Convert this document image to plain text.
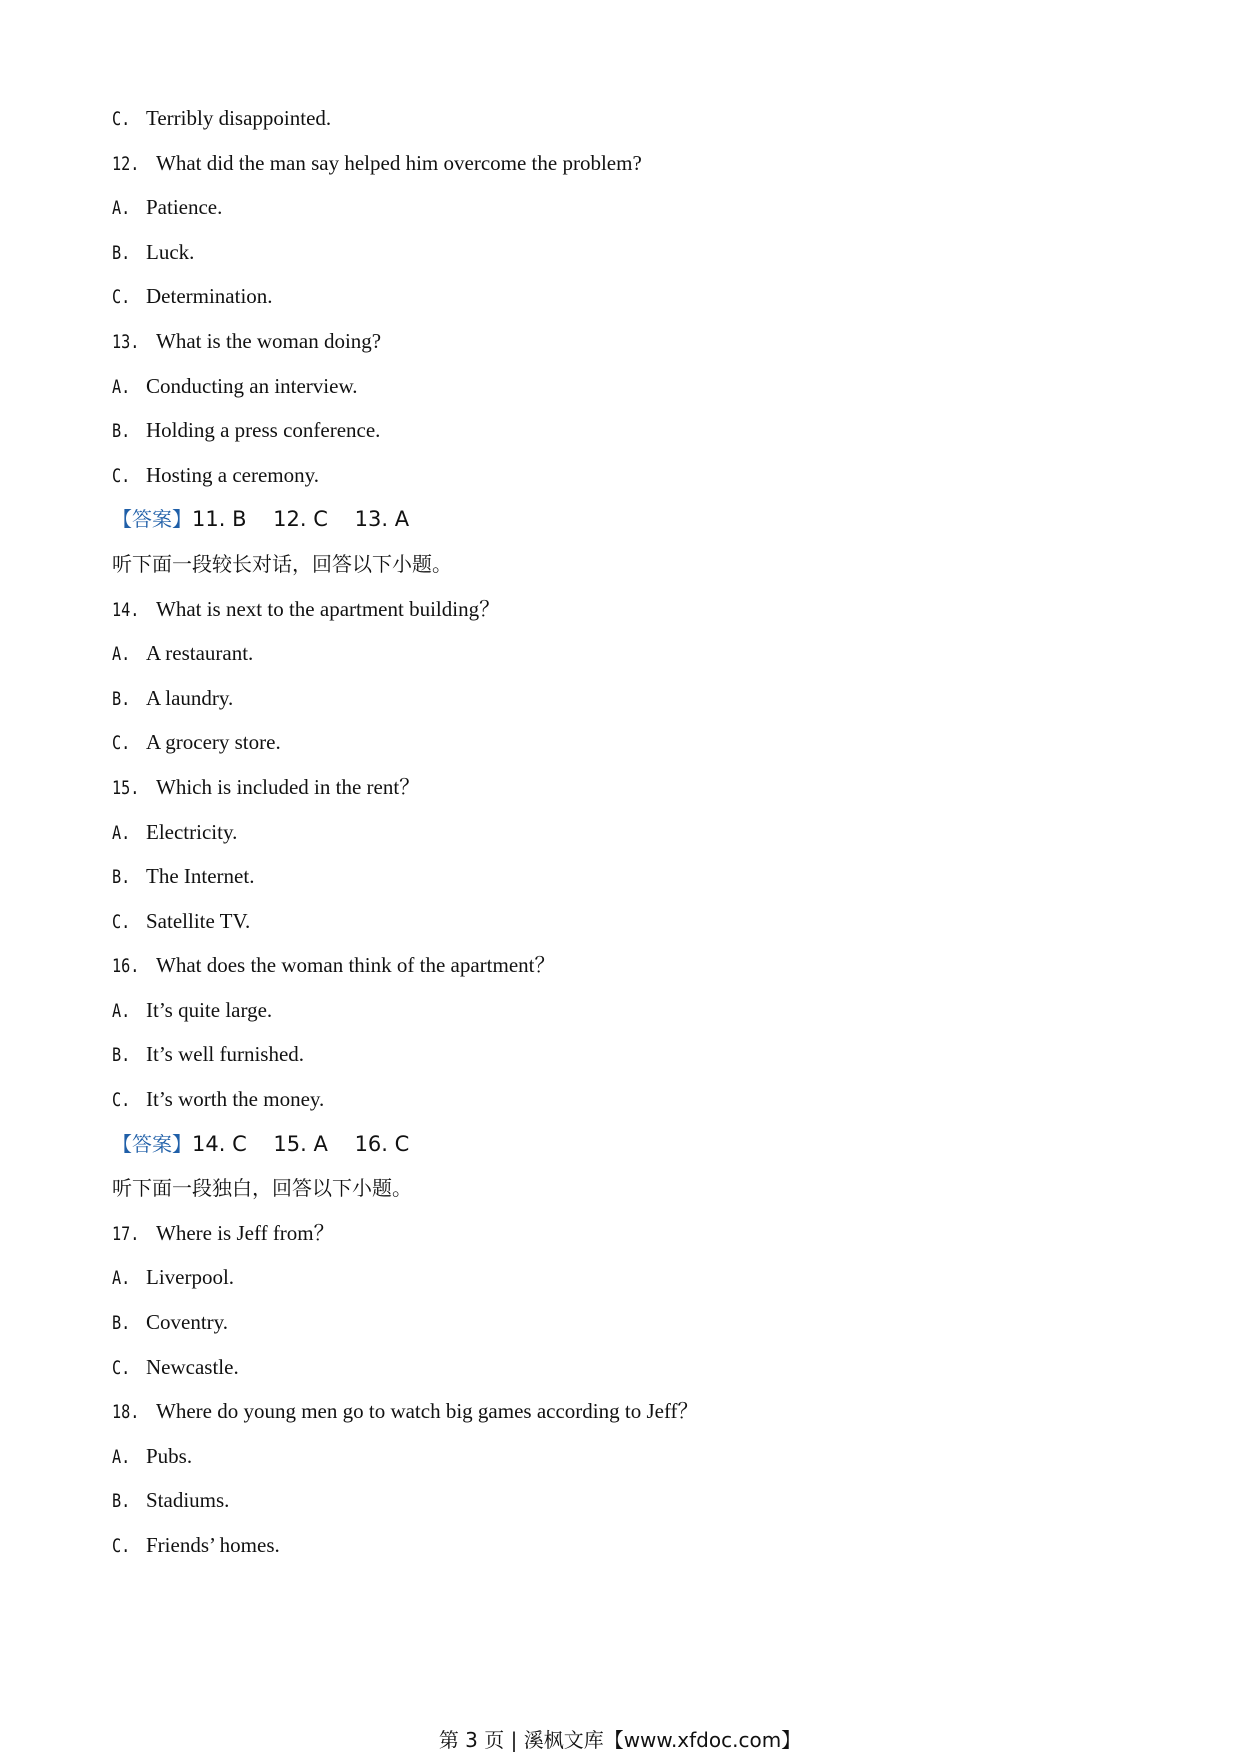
C. Terribly disappointed.
12. What did the man say helped him overcome the problem?
A. Patience.
B. Luck.
C. Determination.
13. What is the woman doing?
A. Conducting an interview.
B. Holding a press conference.
C. Hosting a ceremony.
【答案】11. B    12. C    13. A
听下面一段较长对话，回答以下小题。
14. What is next to the apartment building？
A. A restaurant.
B. A laundry.
C. A grocery store.
15. Which is included in the rent？
A. Electricity.
B. The Internet.
C. Satellite TV.
16. What does the woman think of the apartment？
A. It’s quite large.
B. It’s well furnished.
C. It’s worth the money.
【答案】14. C    15. A    16. C
听下面一段独白，回答以下小题。
17. Where is Jeff from？
A. Liverpool.
B. Coventry.
C. Newcastle.
18. Where do young men go to watch big games according to Jeff？
A. Pubs.
B. Stadiums.
C. Friends’ homes.
第 3 页 | 溪枫文库【www.xfdoc.com】
